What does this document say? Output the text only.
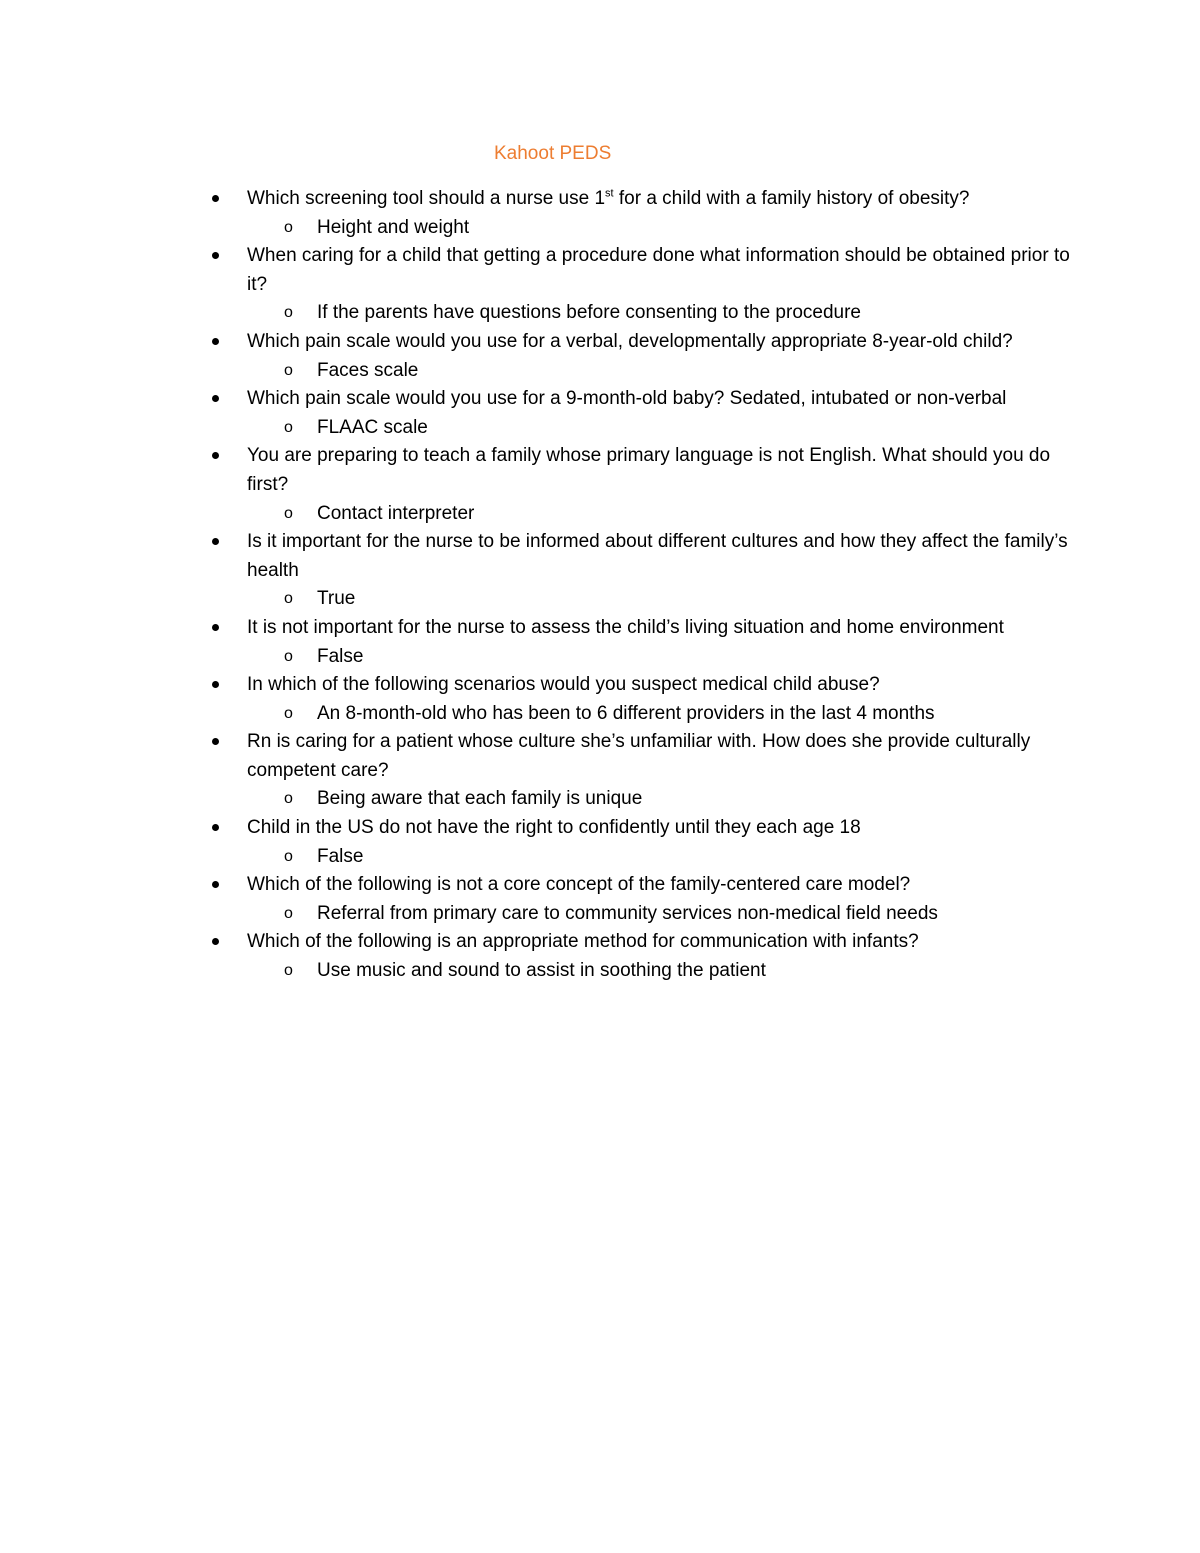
Kahoot PEDS
Which screening tool should a nurse use 1st for a child with a family history of obesity?
o Height and weight
When caring for a child that getting a procedure done what information should be obtained prior to it?
o If the parents have questions before consenting to the procedure
Which pain scale would you use for a verbal, developmentally appropriate 8-year-old child?
o Faces scale
Which pain scale would you use for a 9-month-old baby? Sedated, intubated or non-verbal
o FLAAC scale
You are preparing to teach a family whose primary language is not English. What should you do first?
o Contact interpreter
Is it important for the nurse to be informed about different cultures and how they affect the family’s health
o True
It is not important for the nurse to assess the child’s living situation and home environment
o False
In which of the following scenarios would you suspect medical child abuse?
o An 8-month-old who has been to 6 different providers in the last 4 months
Rn is caring for a patient whose culture she’s unfamiliar with. How does she provide culturally competent care?
o Being aware that each family is unique
Child in the US do not have the right to confidently until they each age 18
o False
Which of the following is not a core concept of the family-centered care model?
o Referral from primary care to community services non-medical field needs
Which of the following is an appropriate method for communication with infants?
o Use music and sound to assist in soothing the patient
